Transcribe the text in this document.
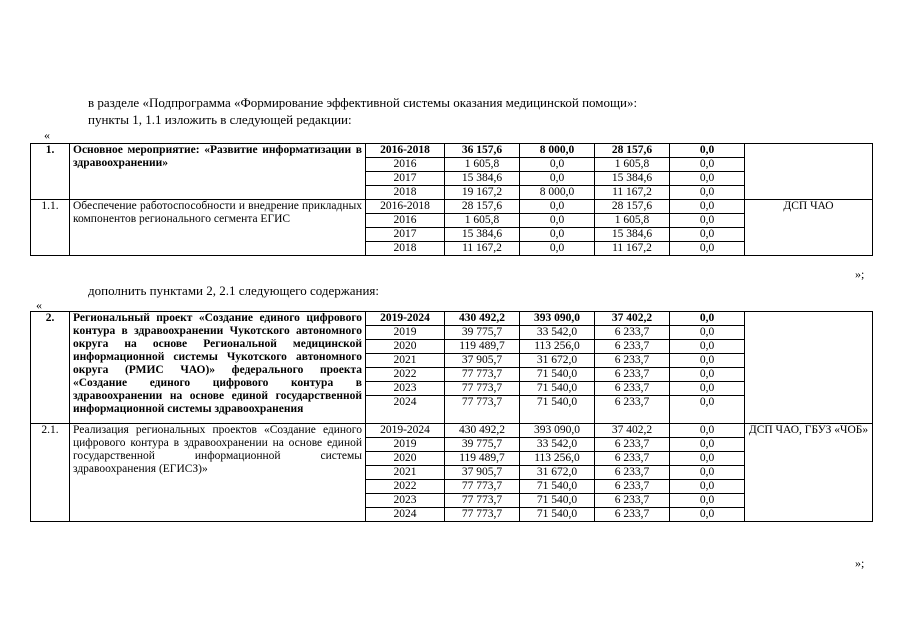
в разделе «Подпрограмма «Формирование эффективной системы оказания медицинской помощи»:
пункты 1, 1.1 изложить в следующей редакции:
«
1.	Основное мероприятие: «Развитие информатизации в здравоохранении»	2016-2018	36 157,6	8 000,0	28 157,6	0,0	
		2016	1 605,8	0,0	1 605,8	0,0	
		2017	15 384,6	0,0	15 384,6	0,0	
		2018	19 167,2	8 000,0	11 167,2	0,0	
1.1.	Обеспечение работоспособности и внедрение прикладных компонентов регионального сегмента ЕГИС	2016-2018	28 157,6	0,0	28 157,6	0,0	ДСП ЧАО
		2016	1 605,8	0,0	1 605,8	0,0	
		2017	15 384,6	0,0	15 384,6	0,0	
		2018	11 167,2	0,0	11 167,2	0,0	
»;
дополнить пунктами 2, 2.1 следующего содержания:
«
2.	Региональный проект «Создание единого цифрового контура в здравоохранении Чукотского автономного округа на основе Региональной медицинской информационной системы Чукотского автономного округа (РМИС ЧАО)» федерального проекта «Создание единого цифрового контура в здравоохранении на основе единой государственной информационной системы здравоохранения	2019-2024	430 492,2	393 090,0	37 402,2	0,0	
		2019	39 775,7	33 542,0	6 233,7	0,0	
		2020	119 489,7	113 256,0	6 233,7	0,0	
		2021	37 905,7	31 672,0	6 233,7	0,0	
		2022	77 773,7	71 540,0	6 233,7	0,0	
		2023	77 773,7	71 540,0	6 233,7	0,0	
		2024	77 773,7	71 540,0	6 233,7	0,0	
2.1.	Реализация региональных проектов «Создание единого цифрового контура в здравоохранении на основе единой государственной информационной системы здравоохранения (ЕГИСЗ)»	2019-2024	430 492,2	393 090,0	37 402,2	0,0	ДСП ЧАО, ГБУЗ «ЧОБ»
		2019	39 775,7	33 542,0	6 233,7	0,0	
		2020	119 489,7	113 256,0	6 233,7	0,0	
		2021	37 905,7	31 672,0	6 233,7	0,0	
		2022	77 773,7	71 540,0	6 233,7	0,0	
		2023	77 773,7	71 540,0	6 233,7	0,0	
		2024	77 773,7	71 540,0	6 233,7	0,0	
»;
